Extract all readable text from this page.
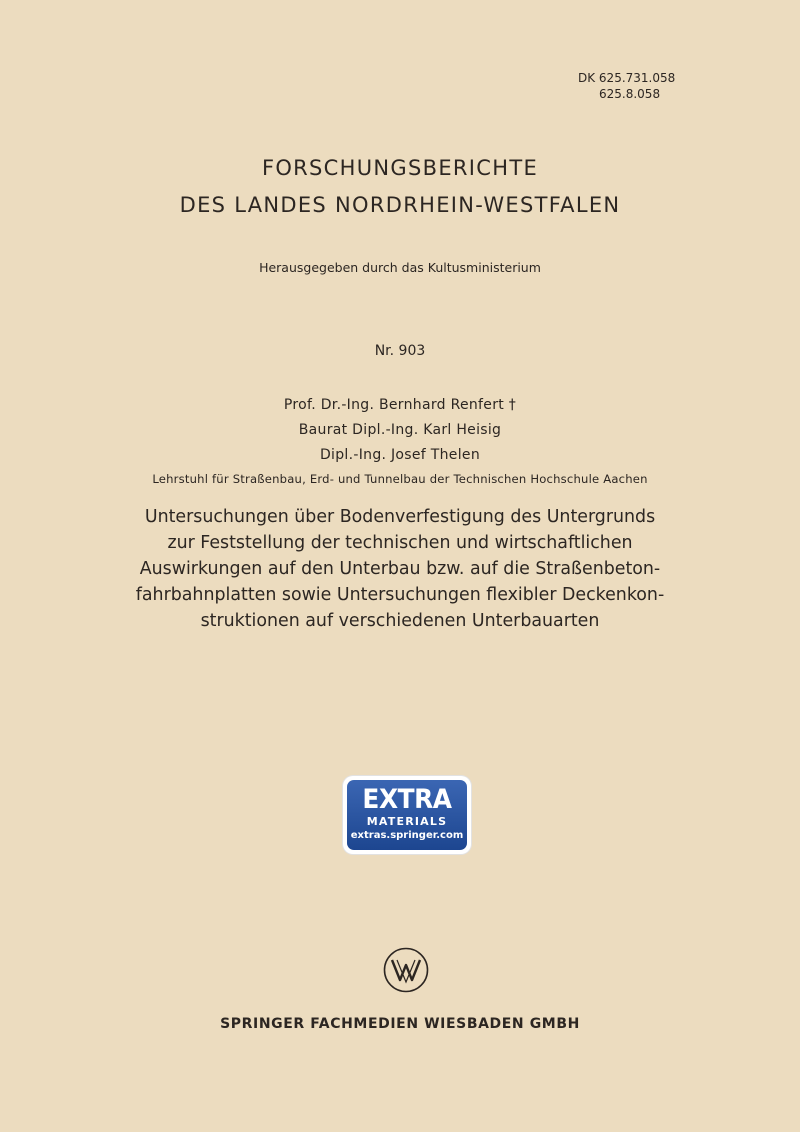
DK 625.731.058
625.8.058
FORSCHUNGSBERICHTE
DES LANDES NORDRHEIN-WESTFALEN
Herausgegeben durch das Kultusministerium
Nr. 903
Prof. Dr.-Ing. Bernhard Renfert †
Baurat Dipl.-Ing. Karl Heisig
Dipl.-Ing. Josef Thelen
Lehrstuhl für Straßenbau, Erd- und Tunnelbau der Technischen Hochschule Aachen
Untersuchungen über Bodenverfestigung des Untergrunds
zur Feststellung der technischen und wirtschaftlichen
Auswirkungen auf den Unterbau bzw. auf die Straßenbeton-
fahrbahnplatten sowie Untersuchungen flexibler Deckenkon-
struktionen auf verschiedenen Unterbauarten
EXTRA
MATERIALS
extras.springer.com
SPRINGER FACHMEDIEN WIESBADEN GMBH
